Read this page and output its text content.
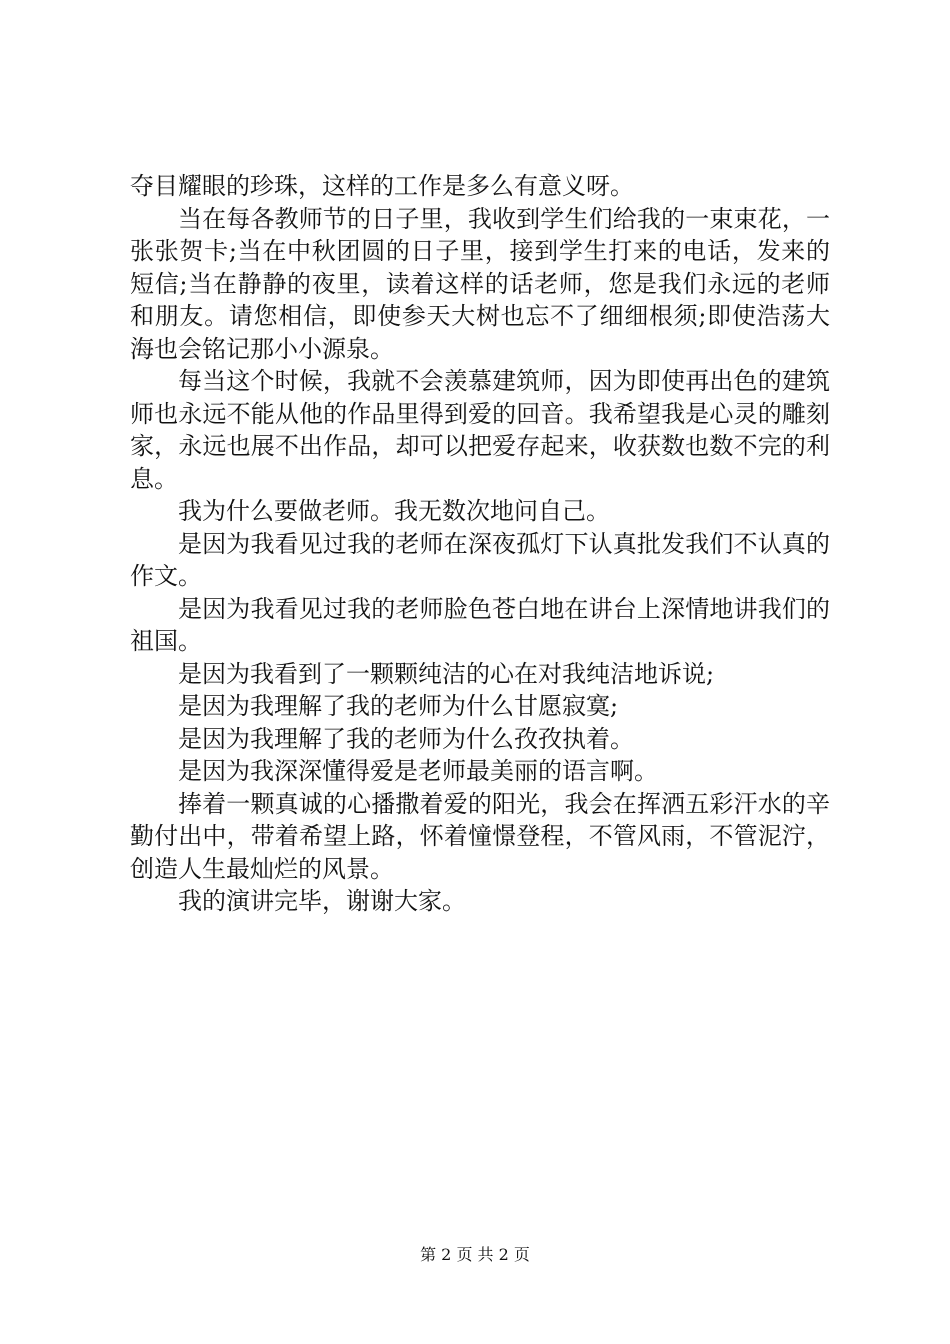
夺目耀眼的珍珠，这样的工作是多么有意义呀。

当在每各教师节的日子里，我收到学生们给我的一束束花，一张张贺卡;当在中秋团圆的日子里，接到学生打来的电话，发来的短信;当在静静的夜里，读着这样的话老师，您是我们永远的老师和朋友。请您相信，即使参天大树也忘不了细细根须;即使浩荡大海也会铭记那小小源泉。

每当这个时候，我就不会羡慕建筑师，因为即使再出色的建筑师也永远不能从他的作品里得到爱的回音。我希望我是心灵的雕刻家，永远也展不出作品，却可以把爱存起来，收获数也数不完的利息。

我为什么要做老师。我无数次地问自己。

是因为我看见过我的老师在深夜孤灯下认真批发我们不认真的作文。

是因为我看见过我的老师脸色苍白地在讲台上深情地讲我们的祖国。

是因为我看到了一颗颗纯洁的心在对我纯洁地诉说;

是因为我理解了我的老师为什么甘愿寂寞;

是因为我理解了我的老师为什么孜孜执着。

是因为我深深懂得爱是老师最美丽的语言啊。

捧着一颗真诚的心播撒着爱的阳光，我会在挥洒五彩汗水的辛勤付出中，带着希望上路，怀着憧憬登程，不管风雨，不管泥泞，创造人生最灿烂的风景。

我的演讲完毕，谢谢大家。

第 2 页 共 2 页
